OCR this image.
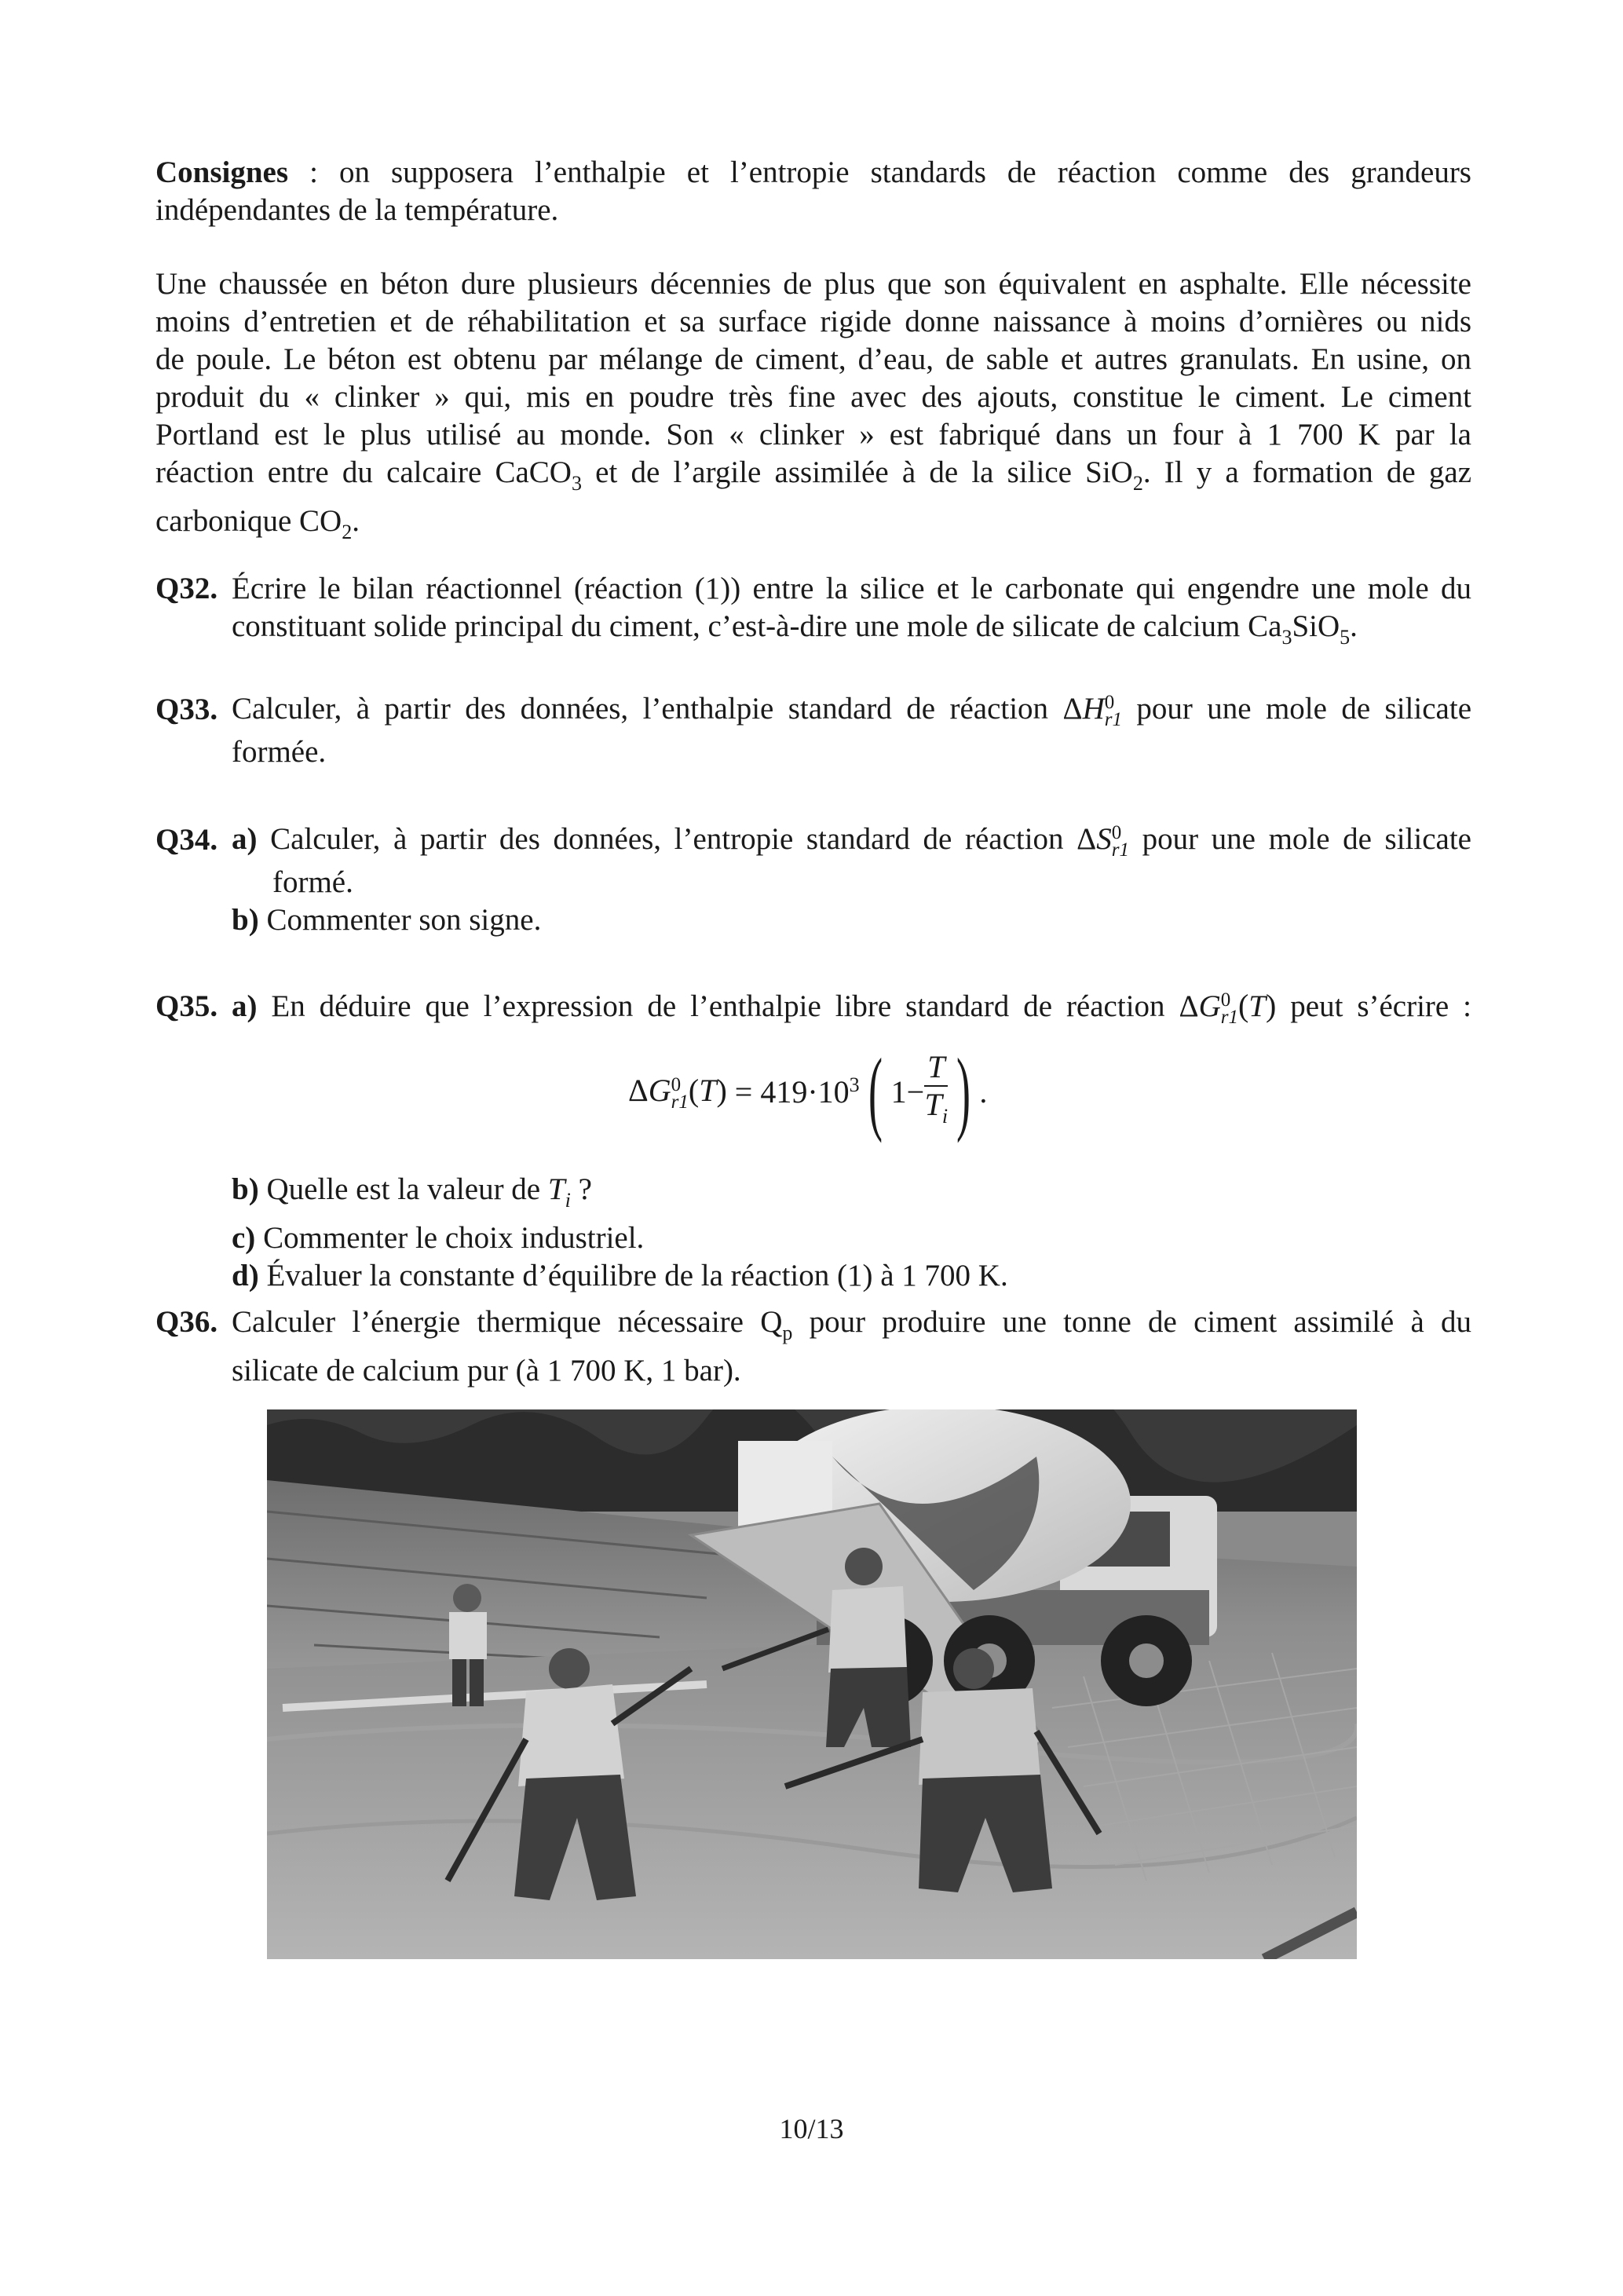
Consignes : on supposera l’enthalpie et l’entropie standards de réaction comme des grandeurs
indépendantes de la température.
Une chaussée en béton dure plusieurs décennies de plus que son équivalent en asphalte. Elle nécessite
moins d’entretien et de réhabilitation et sa surface rigide donne naissance à moins d’ornières ou nids
de poule. Le béton est obtenu par mélange de ciment, d’eau, de sable et autres granulats. En usine, on
produit du « clinker » qui, mis en poudre très fine avec des ajouts, constitue le ciment. Le ciment
Portland est le plus utilisé au monde. Son « clinker » est fabriqué dans un four à 1 700 K par la
réaction entre du calcaire CaCO$_3$ et de l’argile assimilée à de la silice SiO$_2$. Il y a formation de gaz
carbonique $CO_2$.
Q32. Écrire le bilan réactionnel (réaction (1)) entre la silice et le carbonate qui engendre une mole du
constituant solide principal du ciment, c’est-à-dire une mole de silicate de calcium $Ca_3SiO_5$.
Q33. Calculer, à partir des données, l’enthalpie standard de réaction ΔH 0
r1 pour une mole de silicate
formée.
Q34. a) Calculer, à partir des données, l’entropie standard de réaction ΔS 0
r1 pour une mole de silicate
formé.
b) Commenter son signe.
Q35. a) En déduire que l’expression de l’enthalpie libre standard de réaction ΔG 0
r1 (T) peut s’écrire :
b) Quelle est la valeur de $T_i$ ?
c) Commenter le choix industriel.
d) Évaluer la constante d’équilibre de la réaction (1) à 1 700 K.
ΔG 0
r1 $(T) = 419\cdot 10^3$( $1- \frac{T}{T_i}$ ) .
Q36. Calculer l’énergie thermique nécessaire $Q_p$ pour produire une tonne de ciment assimilé à du
silicate de calcium pur (à 1 700 K, 1 bar).
10/13
